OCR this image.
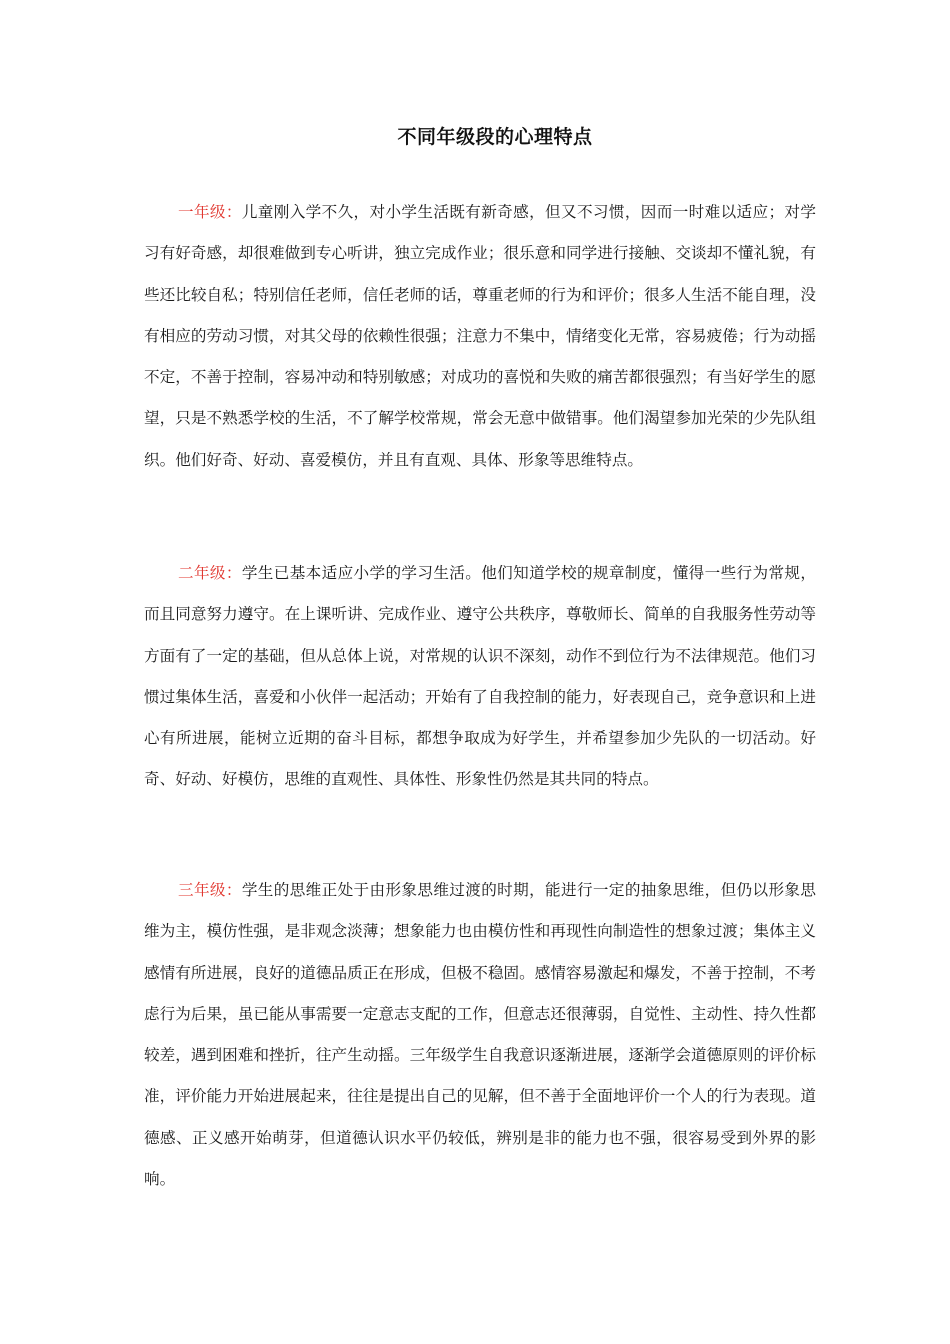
不同年级段的心理特点
一年级：儿童刚入学不久，对小学生活既有新奇感，但又不习惯，因而一时难以适应；对学习有好奇感，却很难做到专心听讲，独立完成作业；很乐意和同学进行接触、交谈却不懂礼貌，有些还比较自私；特别信任老师，信任老师的话，尊重老师的行为和评价；很多人生活不能自理，没有相应的劳动习惯，对其父母的依赖性很强；注意力不集中，情绪变化无常，容易疲倦；行为动摇不定，不善于控制，容易冲动和特别敏感；对成功的喜悦和失败的痛苦都很强烈；有当好学生的愿望，只是不熟悉学校的生活，不了解学校常规，常会无意中做错事。他们渴望参加光荣的少先队组织。他们好奇、好动、喜爱模仿，并且有直观、具体、形象等思维特点。
二年级：学生已基本适应小学的学习生活。他们知道学校的规章制度，懂得一些行为常规，而且同意努力遵守。在上课听讲、完成作业、遵守公共秩序，尊敬师长、简单的自我服务性劳动等方面有了一定的基础，但从总体上说，对常规的认识不深刻，动作不到位行为不法律规范。他们习惯过集体生活，喜爱和小伙伴一起活动；开始有了自我控制的能力，好表现自己，竞争意识和上进心有所进展，能树立近期的奋斗目标，都想争取成为好学生，并希望参加少先队的一切活动。好奇、好动、好模仿，思维的直观性、具体性、形象性仍然是其共同的特点。
三年级：学生的思维正处于由形象思维过渡的时期，能进行一定的抽象思维，但仍以形象思维为主，模仿性强，是非观念淡薄；想象能力也由模仿性和再现性向制造性的想象过渡；集体主义感情有所进展，良好的道德品质正在形成，但极不稳固。感情容易激起和爆发，不善于控制，不考虑行为后果，虽已能从事需要一定意志支配的工作，但意志还很薄弱，自觉性、主动性、持久性都较差，遇到困难和挫折，往产生动摇。三年级学生自我意识逐渐进展，逐渐学会道德原则的评价标准，评价能力开始进展起来，往往是提出自己的见解，但不善于全面地评价一个人的行为表现。道德感、正义感开始萌芽，但道德认识水平仍较低，辨别是非的能力也不强，很容易受到外界的影响。
